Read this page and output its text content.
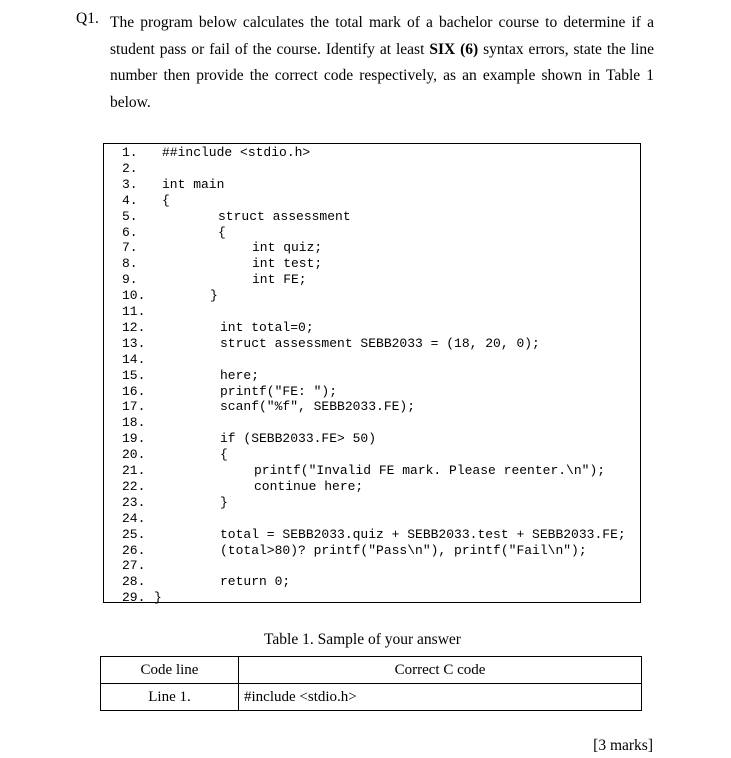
Q1. The program below calculates the total mark of a bachelor course to determine if a student pass or fail of the course. Identify at least SIX (6) syntax errors, state the line number then provide the correct code respectively, as an example shown in Table 1 below.

1. ##include <stdio.h>
2.
3. int main
4. {
5.	struct assessment
6.	{
7.	int quiz;
8.	int test;
9.	int FE;
10.	}
11.
12.	int total=0;
13.	struct assessment SEBB2033 = (18, 20, 0);
14.
15.	here;
16.	printf("FE: ");
17.	scanf("%f", SEBB2033.FE);
18.
19.	if (SEBB2033.FE> 50)
20.	{
21.	printf("Invalid FE mark. Please reenter.\n");
22.	continue here;
23.	}
24.
25.	total = SEBB2033.quiz + SEBB2033.test + SEBB2033.FE;
26.	(total>80)? printf("Pass\n"), printf("Fail\n");
27.
28.	return 0;
29. }
Table 1. Sample of your answer
Code line	Correct C code
Line 1.	#include <stdio.h>
[3 marks]
